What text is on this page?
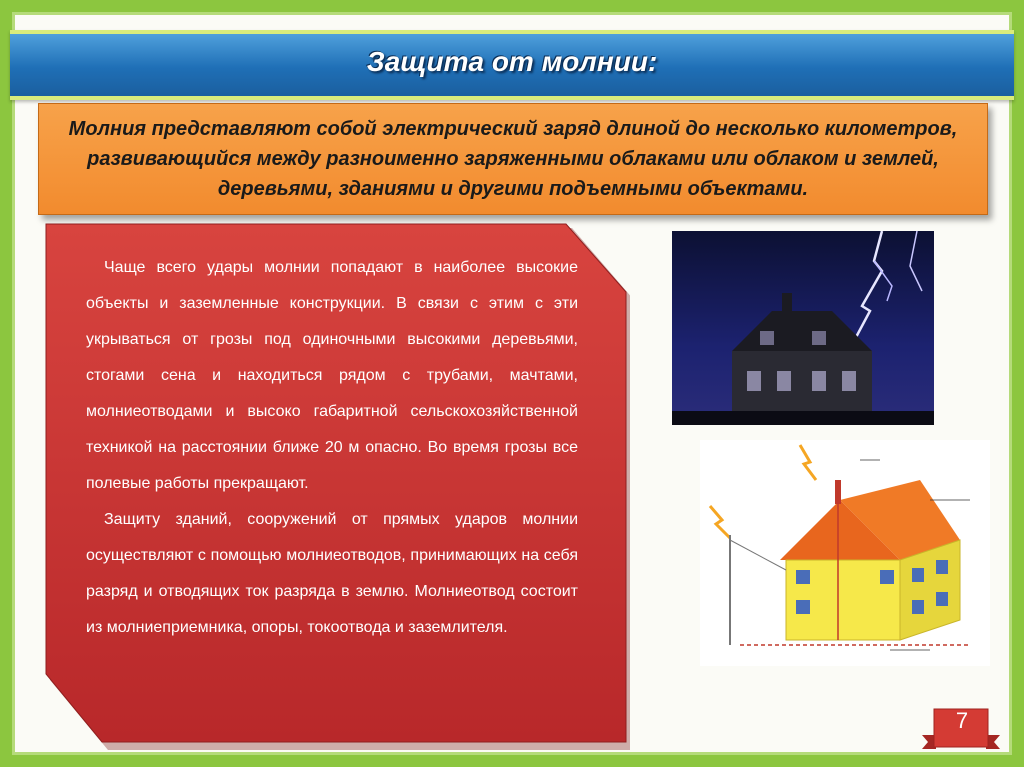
Защита от молнии:
Молния представляют собой электрический заряд длиной до несколько километров, развивающийся между разноименно заряженными облаками или облаком и землей, деревьями, зданиями и другими подъемными объектами.

Чаще всего удары молнии попадают в наиболее высокие объекты и заземленные конструкции. В связи с этим с эти укрываться от грозы под одиночными высокими деревьями, стогами сена и находиться рядом с трубами, мачтами, молниеотводами и высоко габаритной сельскохозяйственной техникой на расстоянии ближе 20 м опасно. Во время грозы все полевые работы прекращают.

Защиту зданий, сооружений от прямых ударов молнии осуществляют с помощью молниеотводов, принимающих на себя разряд и отводящих ток разряда в землю. Молниеотвод состоит из молниеприемника, опоры, токоотвода и заземлителя.

7
